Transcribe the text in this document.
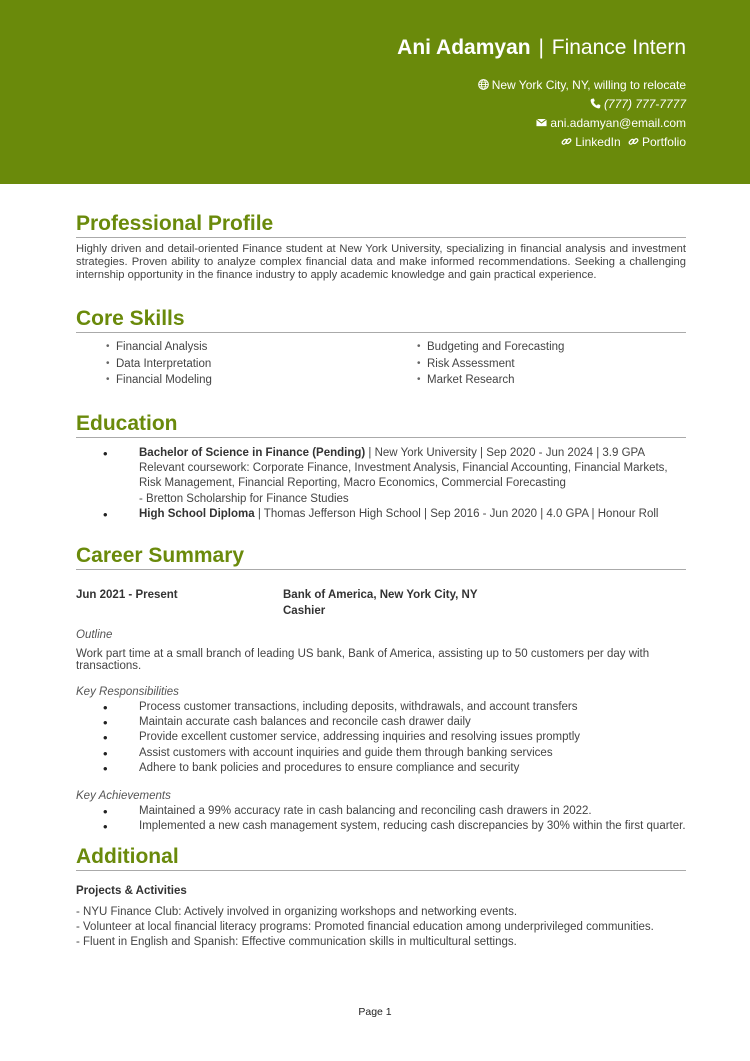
Ani Adamyan | Finance Intern
New York City, NY, willing to relocate
(777) 777-7777
ani.adamyan@email.com
LinkedIn Portfolio
Professional Profile
Highly driven and detail-oriented Finance student at New York University, specializing in financial analysis and investment strategies. Proven ability to analyze complex financial data and make informed recommendations. Seeking a challenging internship opportunity in the finance industry to apply academic knowledge and gain practical experience.
Core Skills
• Financial Analysis
• Data Interpretation
• Financial Modeling
• Budgeting and Forecasting
• Risk Assessment
• Market Research
Education
• Bachelor of Science in Finance (Pending) | New York University | Sep 2020 - Jun 2024 | 3.9 GPA
Relevant coursework: Corporate Finance, Investment Analysis, Financial Accounting, Financial Markets, Risk Management, Financial Reporting, Macro Economics, Commercial Forecasting
- Bretton Scholarship for Finance Studies
• High School Diploma | Thomas Jefferson High School | Sep 2016 - Jun 2020 | 4.0 GPA | Honour Roll
Career Summary
Jun 2021 - Present	Bank of America, New York City, NY
Cashier
Outline
Work part time at a small branch of leading US bank, Bank of America, assisting up to 50 customers per day with transactions.
Key Responsibilities
• Process customer transactions, including deposits, withdrawals, and account transfers
• Maintain accurate cash balances and reconcile cash drawer daily
• Provide excellent customer service, addressing inquiries and resolving issues promptly
• Assist customers with account inquiries and guide them through banking services
• Adhere to bank policies and procedures to ensure compliance and security
Key Achievements
• Maintained a 99% accuracy rate in cash balancing and reconciling cash drawers in 2022.
• Implemented a new cash management system, reducing cash discrepancies by 30% within the first quarter.
Additional
Projects & Activities
- NYU Finance Club: Actively involved in organizing workshops and networking events.
- Volunteer at local financial literacy programs: Promoted financial education among underprivileged communities.
- Fluent in English and Spanish: Effective communication skills in multicultural settings.
Page 1
